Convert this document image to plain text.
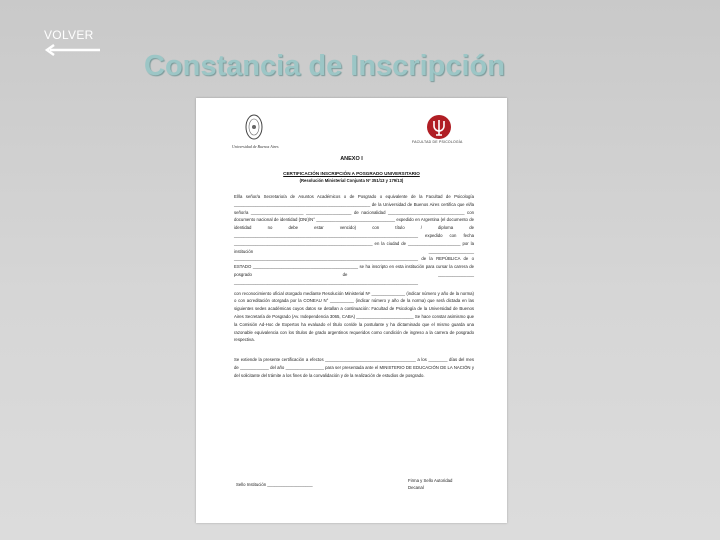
VOLVER
Constancia de Inscripción
Universidad de Buenos Aires
FACULTAD DE PSICOLOGÍA
ANEXO I
CERTIFICACIÓN INSCRIPCIÓN A POSGRADO UNIVERSITARIO
(Resolución Ministerial Conjunta Nº 351/13 y 179/13)

El/la señor/a Secretario/a de Asuntos Académicos o de Posgrado o equivalente de la Facultad de Psicología _________________________________________________________ de la Universidad de Buenos Aires certifica que el/la señor/a ______________________ ___________________ de nacionalidad ________________________________ con documento nacional de identidad (DNI)/N° _________________________________ expedido en Argentina (el documento de identidad no debe estar vencido) con título / diploma de _____________________________________________________________________________ expedido con fecha __________________________________________________________ en la ciudad de ______________________ por la institución ___________________ _____________________________________________________________________________ de la REPÚBLICA de o ESTADO ____________________________________________ se ha inscripto en esta institución para cursar la carrera de posgrado de _______________ _____________________________________________________________________________

con reconocimiento oficial otorgado mediante Resolución Ministerial Nº ______________ (indicar número y año de la norma) o con acreditación otorgada por la CONEAU N° __________ (indicar número y año de la norma) que será dictada en las siguientes sedes académicas cuyos datos se detallan a continuación: Facultad de Psicología de la Universidad de Buenos Aires Secretaría de Posgrado (Av. Independencia 3065, CABA) ________________________ Se hace constar asimismo que la Comisión Ad-Hoc de Expertos ha evaluado el título con/de la postulante y ha dictaminado que el mismo guarda una razonable equivalencia con los títulos de grado argentinos requeridos como condición de ingreso a la carrera de posgrado respectiva.

Se extiende la presente certificación a efectos ______________________________________ a los ________ días del mes de ____________ del año ________________ para ser presentada ante el MINISTERIO DE EDUCACIÓN DE LA NACIÓN y del solicitante del trámite a los fines de la convalidación y de la realización de estudios de posgrado.

Sello Institución ___________________
Firma y Sello Autoridad
Decanal
